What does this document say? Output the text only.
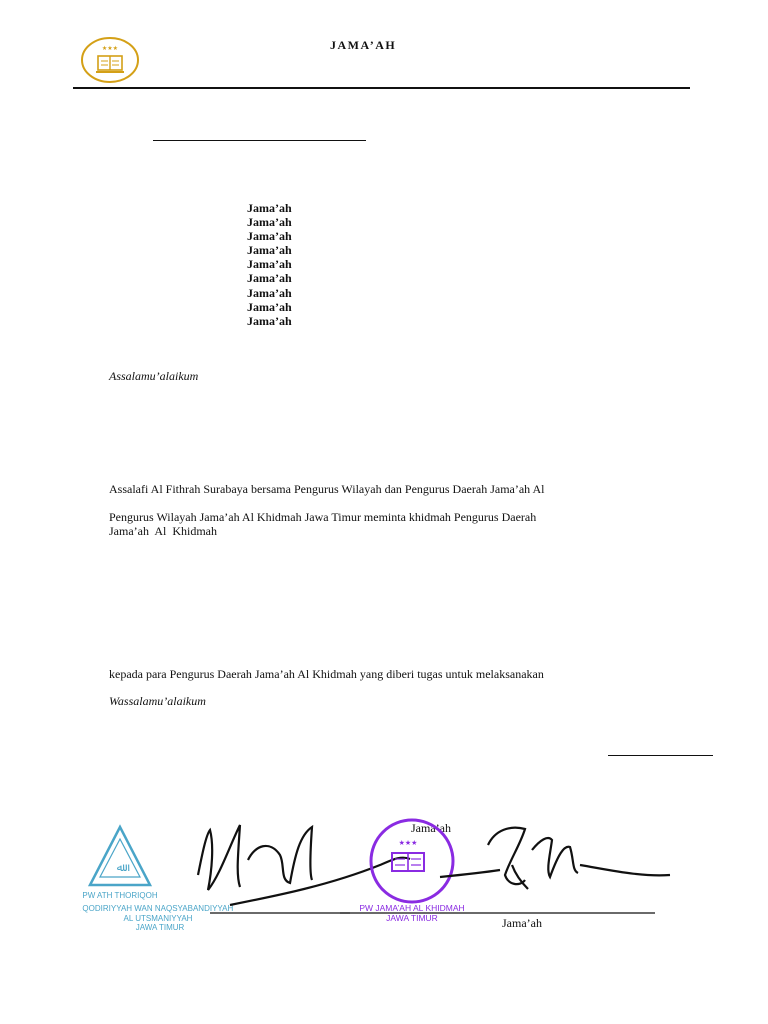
★★★	JAMA’AH
Jama’ah
Jama’ah
Jama’ah
Jama’ah
Jama’ah
Jama’ah
Jama’ah
Jama’ah
Jama’ah
Assalamu’alaikum
Assalafi Al Fithrah Surabaya bersama Pengurus Wilayah dan Pengurus Daerah Jama’ah Al
Pengurus Wilayah Jama’ah Al Khidmah Jawa Timur meminta khidmah Pengurus Daerah
Jama’ah  Al  Khidmah
kepada para Pengurus Daerah Jama’ah Al Khidmah yang diberi tugas untuk melaksanakan
Wassalamu’alaikum
Jama’ah
ﷲ
PW ATH THORIQOH
AL QODIRIYYAH WAN NAQSYABANDIYYAH
AL UTSMANIYYAH
JAWA TIMUR
★★★
PW JAMA’AH AL KHIDMAH
JAWA TIMUR	Jama’ah
